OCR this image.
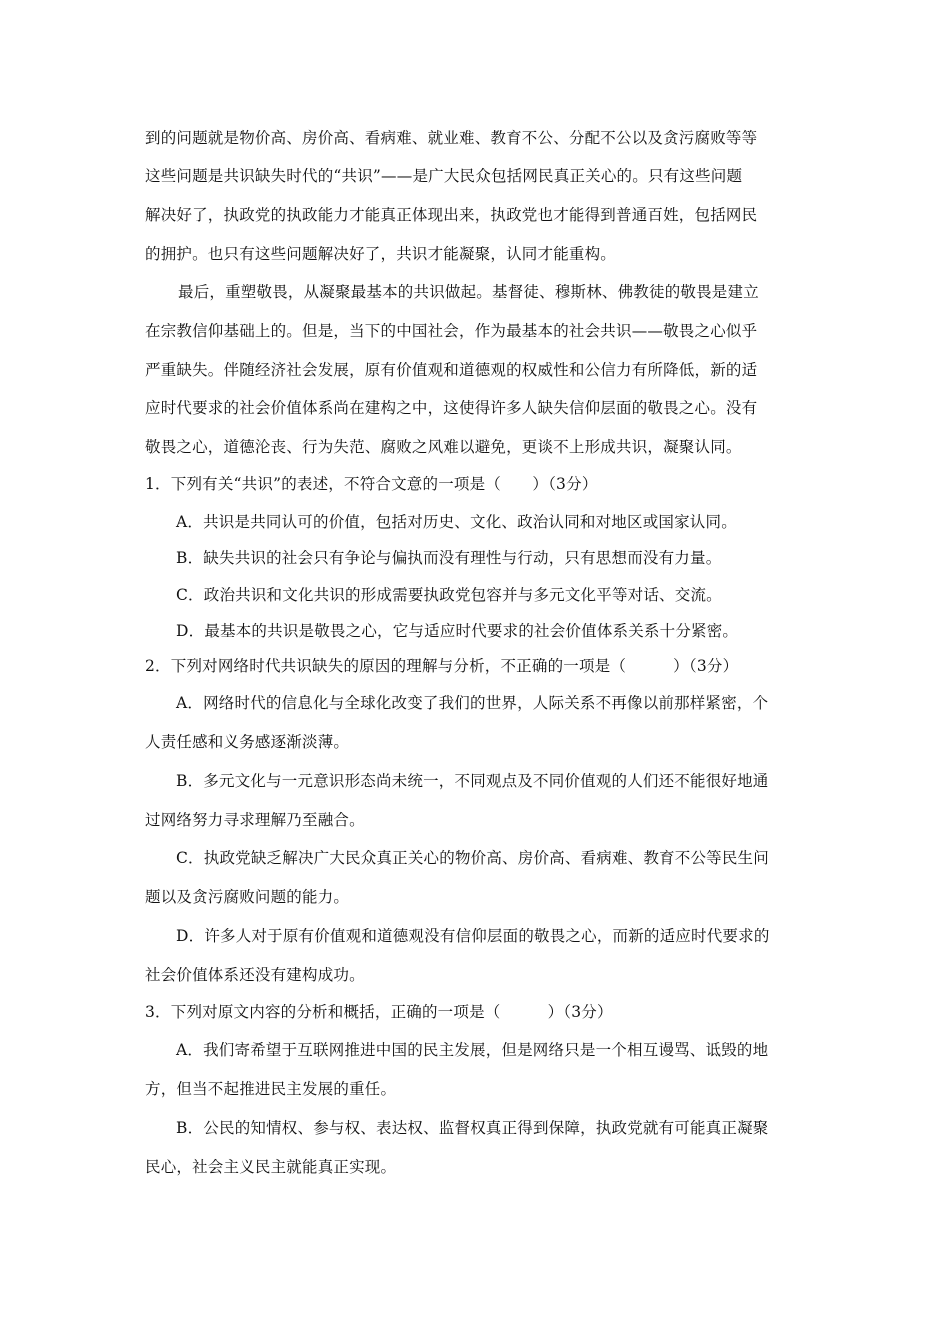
到的问题就是物价高、房价高、看病难、就业难、教育不公、分配不公以及贪污腐败等等
这些问题是共识缺失时代的“共识”——是广大民众包括网民真正关心的。只有这些问题
解决好了，执政党的执政能力才能真正体现出来，执政党也才能得到普通百姓，包括网民
的拥护。也只有这些问题解决好了，共识才能凝聚，认同才能重构。
最后，重塑敬畏，从凝聚最基本的共识做起。基督徒、穆斯林、佛教徒的敬畏是建立
在宗教信仰基础上的。但是，当下的中国社会，作为最基本的社会共识——敬畏之心似乎
严重缺失。伴随经济社会发展，原有价值观和道德观的权威性和公信力有所降低，新的适
应时代要求的社会价值体系尚在建构之中，这使得许多人缺失信仰层面的敬畏之心。没有
敬畏之心，道德沦丧、行为失范、腐败之风难以避免，更谈不上形成共识，凝聚认同。
1．下列有关“共识”的表述，不符合文意的一项是（　　）（3分）
A．共识是共同认可的价值，包括对历史、文化、政治认同和对地区或国家认同。
B．缺失共识的社会只有争论与偏执而没有理性与行动，只有思想而没有力量。
C．政治共识和文化共识的形成需要执政党包容并与多元文化平等对话、交流。
D．最基本的共识是敬畏之心，它与适应时代要求的社会价值体系关系十分紧密。
2．下列对网络时代共识缺失的原因的理解与分析，不正确的一项是（　　　）（3分）
A．网络时代的信息化与全球化改变了我们的世界，人际关系不再像以前那样紧密，个
人责任感和义务感逐渐淡薄。
B．多元文化与一元意识形态尚未统一，不同观点及不同价值观的人们还不能很好地通
过网络努力寻求理解乃至融合。
C．执政党缺乏解决广大民众真正关心的物价高、房价高、看病难、教育不公等民生问
题以及贪污腐败问题的能力。
D．许多人对于原有价值观和道德观没有信仰层面的敬畏之心，而新的适应时代要求的
社会价值体系还没有建构成功。
3．下列对原文内容的分析和概括，正确的一项是（　　　）（3分）
A．我们寄希望于互联网推进中国的民主发展，但是网络只是一个相互谩骂、诋毁的地
方，但当不起推进民主发展的重任。
B．公民的知情权、参与权、表达权、监督权真正得到保障，执政党就有可能真正凝聚
民心，社会主义民主就能真正实现。
